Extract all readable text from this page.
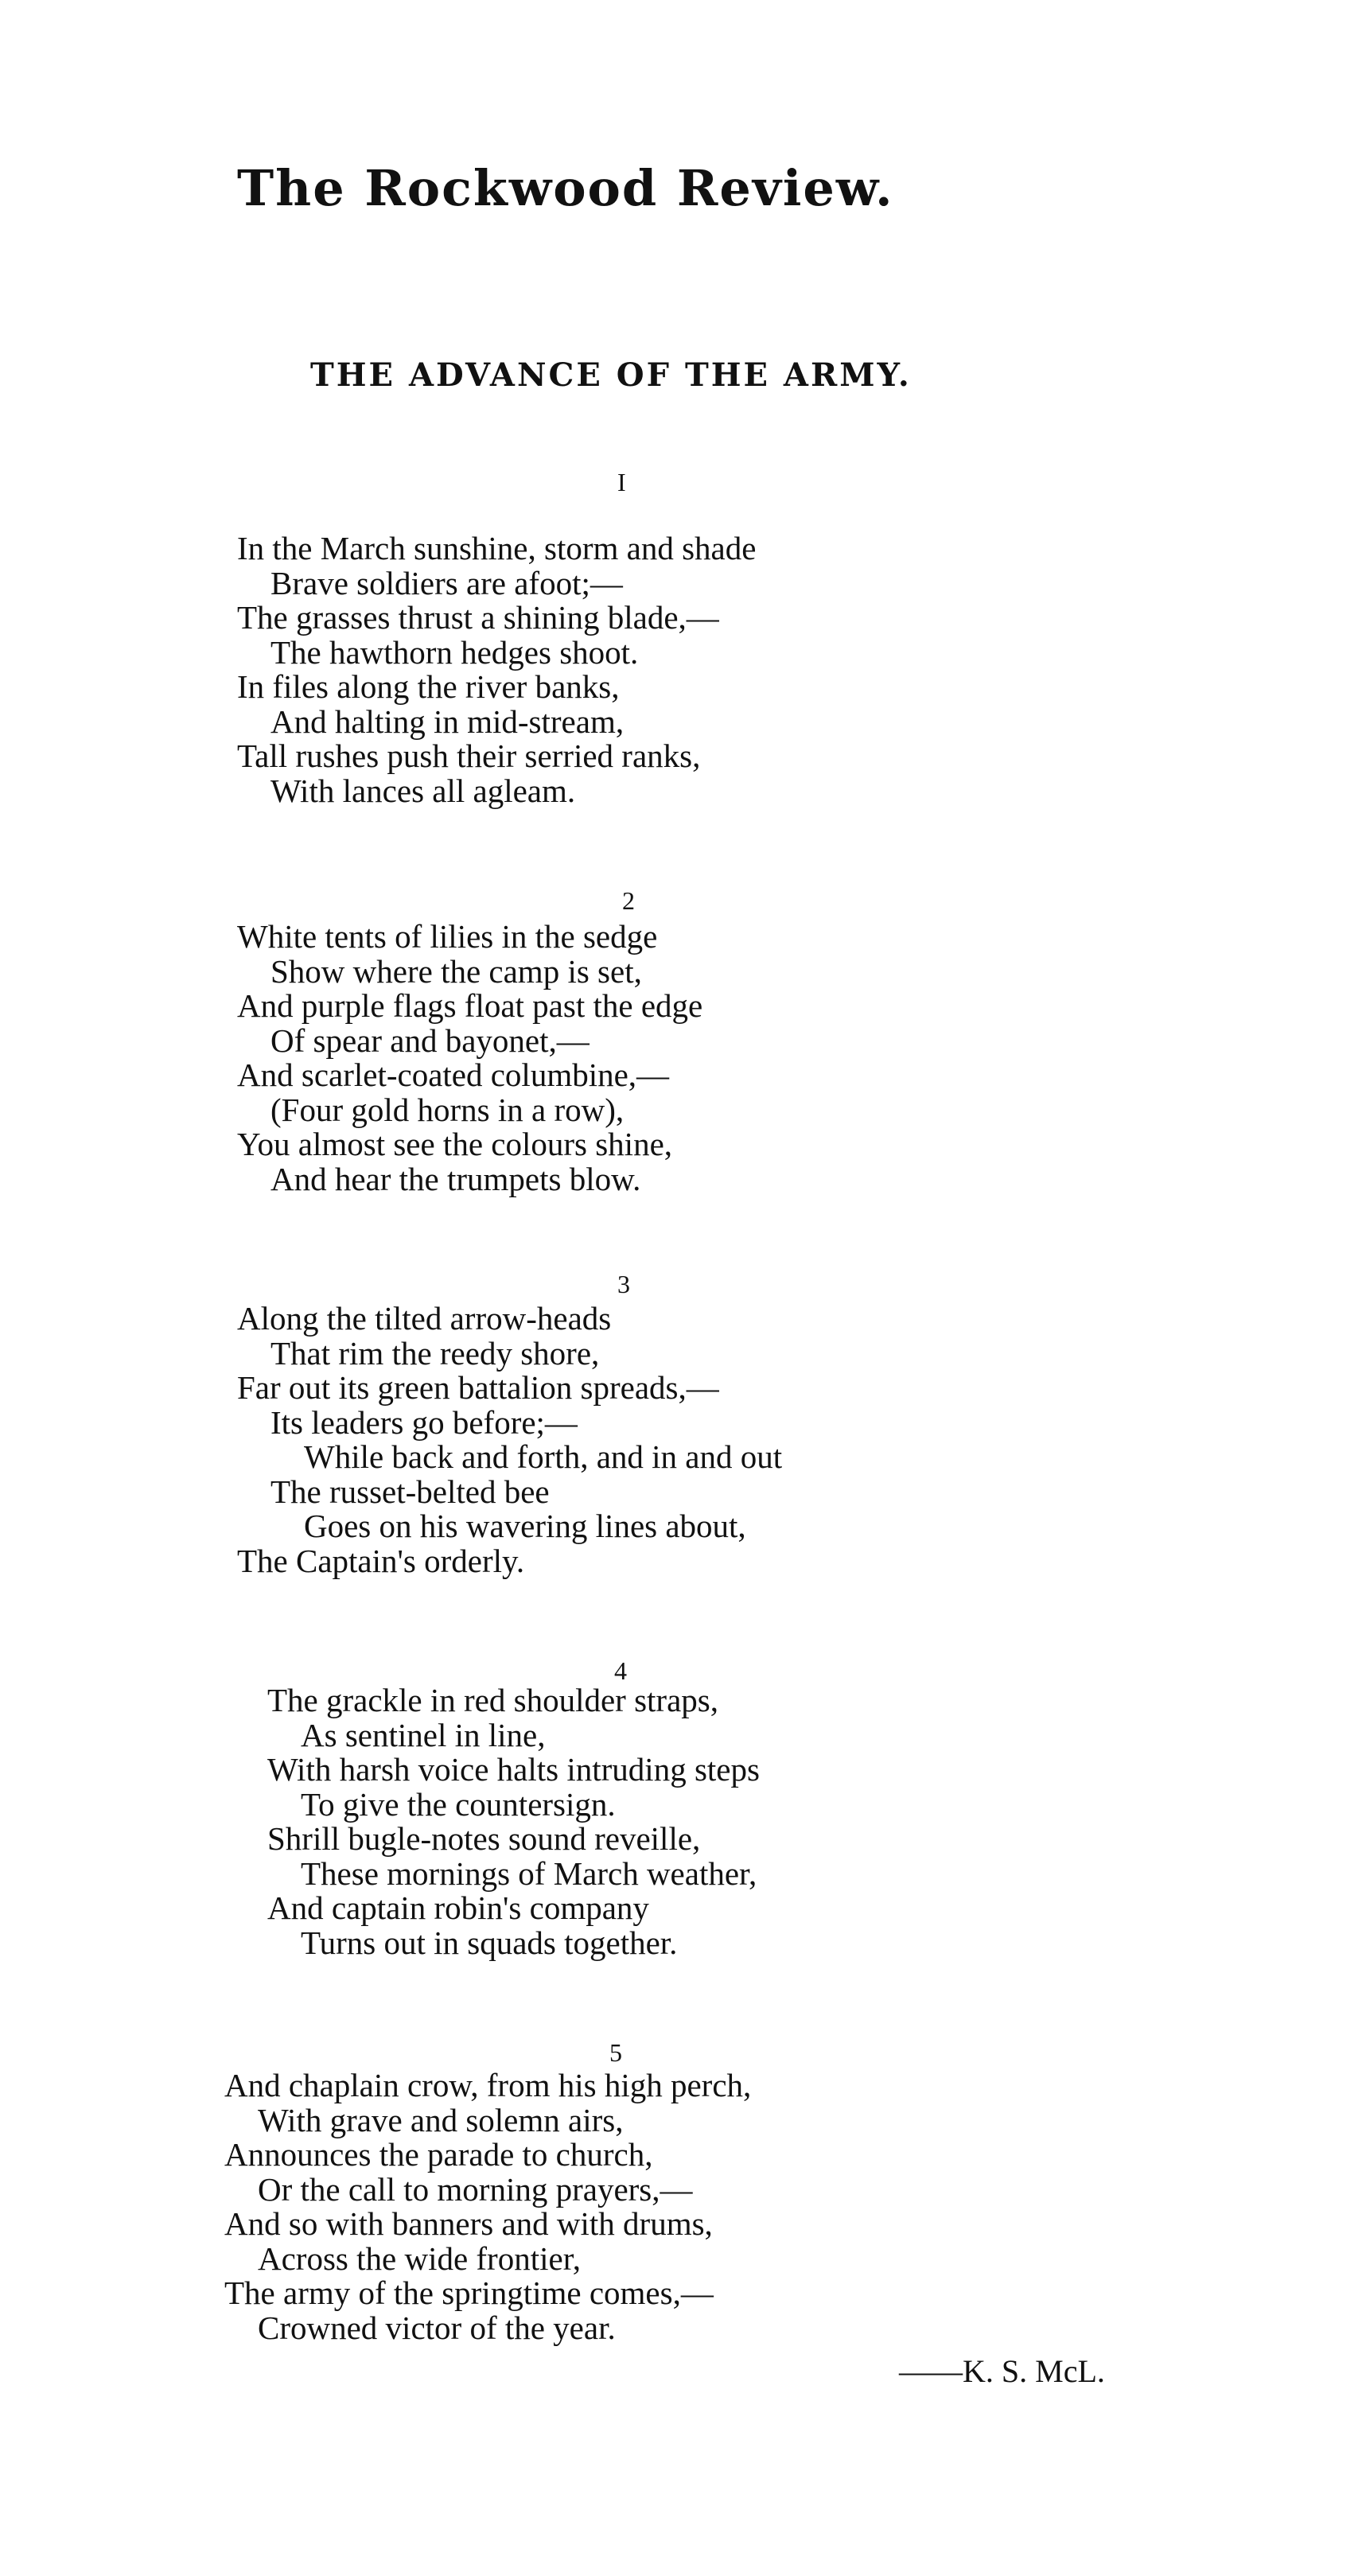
The Rockwood Review.
THE ADVANCE OF THE ARMY.
I
In the March sunshine, storm and shade
Brave soldiers are afoot;—
The grasses thrust a shining blade,—
The hawthorn hedges shoot.
In files along the river banks,
And halting in mid-stream,
Tall rushes push their serried ranks,
With lances all agleam.
2
White tents of lilies in the sedge
Show where the camp is set,
And purple flags float past the edge
Of spear and bayonet,—
And scarlet-coated columbine,—
(Four gold horns in a row),
You almost see the colours shine,
And hear the trumpets blow.
3
Along the tilted arrow-heads
That rim the reedy shore,
Far out its green battalion spreads,—
Its leaders go before;—
While back and forth, and in and out
The russet-belted bee
Goes on his wavering lines about,
The Captain's orderly.
4
The grackle in red shoulder straps,
As sentinel in line,
With harsh voice halts intruding steps
To give the countersign.
Shrill bugle-notes sound reveille,
These mornings of March weather,
And captain robin's company
Turns out in squads together.
5
And chaplain crow, from his high perch,
With grave and solemn airs,
Announces the parade to church,
Or the call to morning prayers,—
And so with banners and with drums,
Across the wide frontier,
The army of the springtime comes,—
Crowned victor of the year.
——K. S. McL.
